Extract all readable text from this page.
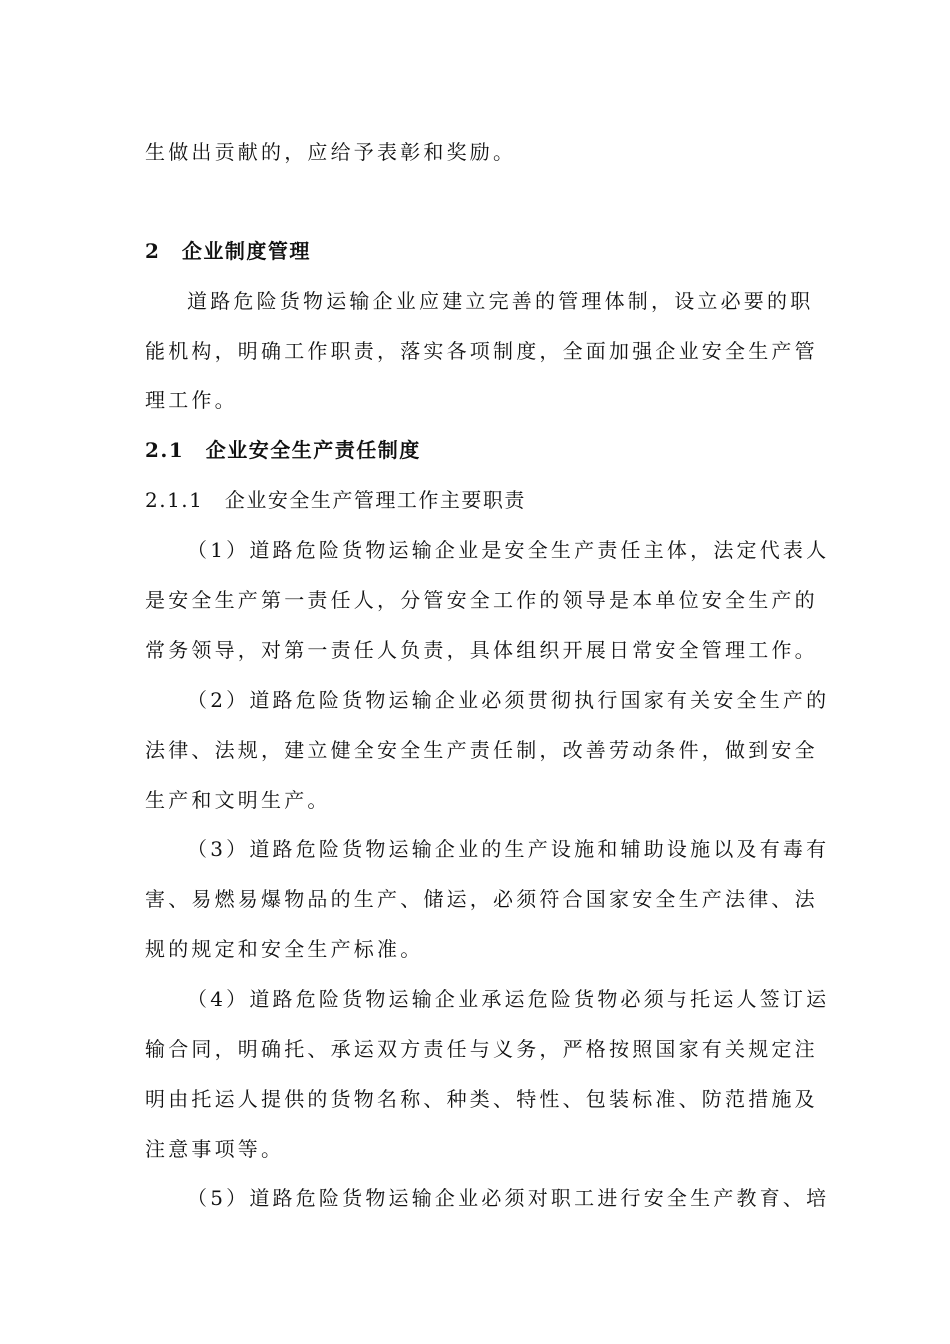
生做出贡献的，应给予表彰和奖励。
2　企业制度管理
道路危险货物运输企业应建立完善的管理体制，设立必要的职
能机构，明确工作职责，落实各项制度，全面加强企业安全生产管
理工作。
2.1　企业安全生产责任制度
2.1.1　企业安全生产管理工作主要职责
（1）道路危险货物运输企业是安全生产责任主体，法定代表人
是安全生产第一责任人，分管安全工作的领导是本单位安全生产的
常务领导，对第一责任人负责，具体组织开展日常安全管理工作。
（2）道路危险货物运输企业必须贯彻执行国家有关安全生产的
法律、法规，建立健全安全生产责任制，改善劳动条件，做到安全
生产和文明生产。
（3）道路危险货物运输企业的生产设施和辅助设施以及有毒有
害、易燃易爆物品的生产、储运，必须符合国家安全生产法律、法
规的规定和安全生产标准。
（4）道路危险货物运输企业承运危险货物必须与托运人签订运
输合同，明确托、承运双方责任与义务，严格按照国家有关规定注
明由托运人提供的货物名称、种类、特性、包装标准、防范措施及
注意事项等。
（5）道路危险货物运输企业必须对职工进行安全生产教育、培
